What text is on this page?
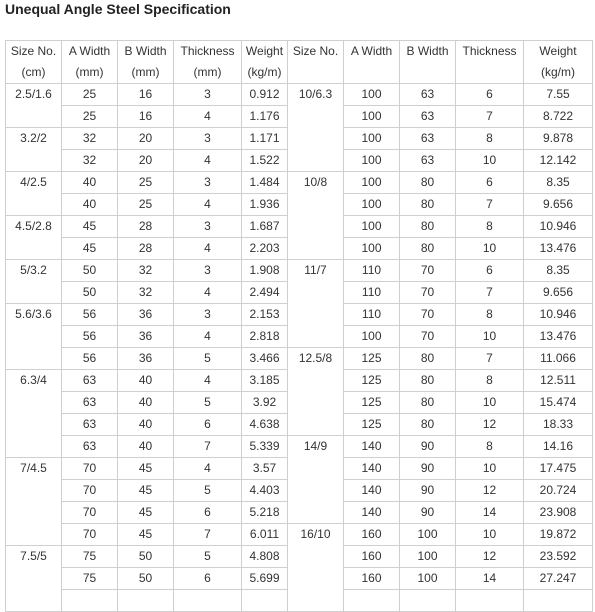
Unequal Angle Steel Specification
Size No.	A Width	B Width	Thickness	Weight	Size No.	A Width	B Width	Thickness	Weight
(cm)	(mm)	(mm)	(mm)	(kg/m)					(kg/m)
2.5/1.6	25	16	3	0.912	10/6.3	100	63	6	7.55
	25	16	4	1.176		100	63	7	8.722
3.2/2	32	20	3	1.171		100	63	8	9.878
	32	20	4	1.522		100	63	10	12.142
4/2.5	40	25	3	1.484	10/8	100	80	6	8.35
	40	25	4	1.936		100	80	7	9.656
4.5/2.8	45	28	3	1.687		100	80	8	10.946
	45	28	4	2.203		100	80	10	13.476
5/3.2	50	32	3	1.908	11/7	110	70	6	8.35
	50	32	4	2.494		110	70	7	9.656
5.6/3.6	56	36	3	2.153		110	70	8	10.946
	56	36	4	2.818		100	70	10	13.476
	56	36	5	3.466	12.5/8	125	80	7	11.066
6.3/4	63	40	4	3.185		125	80	8	12.511
	63	40	5	3.92		125	80	10	15.474
	63	40	6	4.638		125	80	12	18.33
	63	40	7	5.339	14/9	140	90	8	14.16
7/4.5	70	45	4	3.57		140	90	10	17.475
	70	45	5	4.403		140	90	12	20.724
	70	45	6	5.218		140	90	14	23.908
	70	45	7	6.011	16/10	160	100	10	19.872
7.5/5	75	50	5	4.808		160	100	12	23.592
	75	50	6	5.699		160	100	14	27.247
